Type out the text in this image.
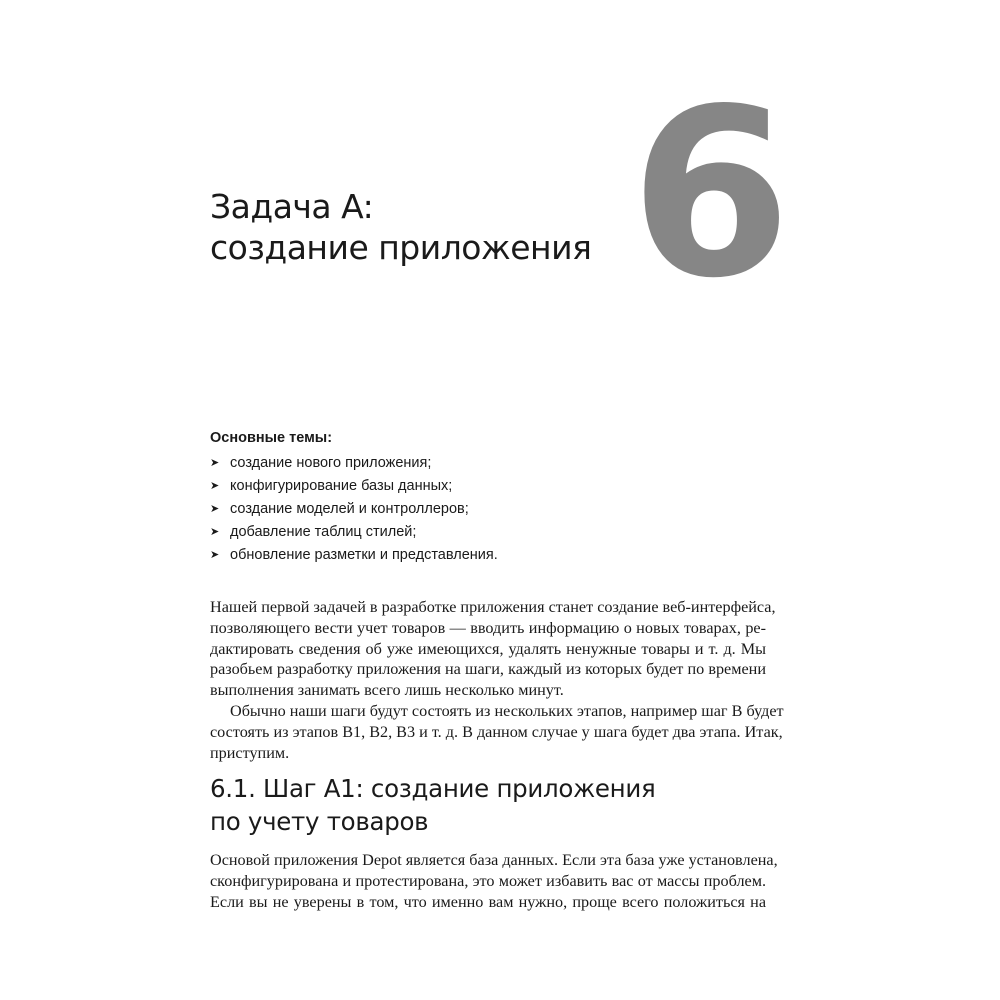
Задача A:
создание приложения 6
Основные темы:
➤ создание нового приложения;
➤ конфигурирование базы данных;
➤ создание моделей и контроллеров;
➤ добавление таблиц стилей;
➤ обновление разметки и представления.
Нашей первой задачей в разработке приложения станет создание веб-интерфейса,
позволяющего вести учет товаров — вводить информацию о новых товарах, ре-
дактировать сведения об уже имеющихся, удалять ненужные товары и т. д. Мы
разобьем разработку приложения на шаги, каждый из которых будет по времени
выполнения занимать всего лишь несколько минут.
Обычно наши шаги будут состоять из нескольких этапов, например шаг B будет
состоять из этапов B1, B2, B3 и т. д. В данном случае у шага будет два этапа. Итак,
приступим.
6.1. Шаг A1: создание приложения
по учету товаров
Основой приложения Depot является база данных. Если эта база уже установлена,
сконфигурирована и протестирована, это может избавить вас от массы проблем.
Если вы не уверены в том, что именно вам нужно, проще всего положиться на
